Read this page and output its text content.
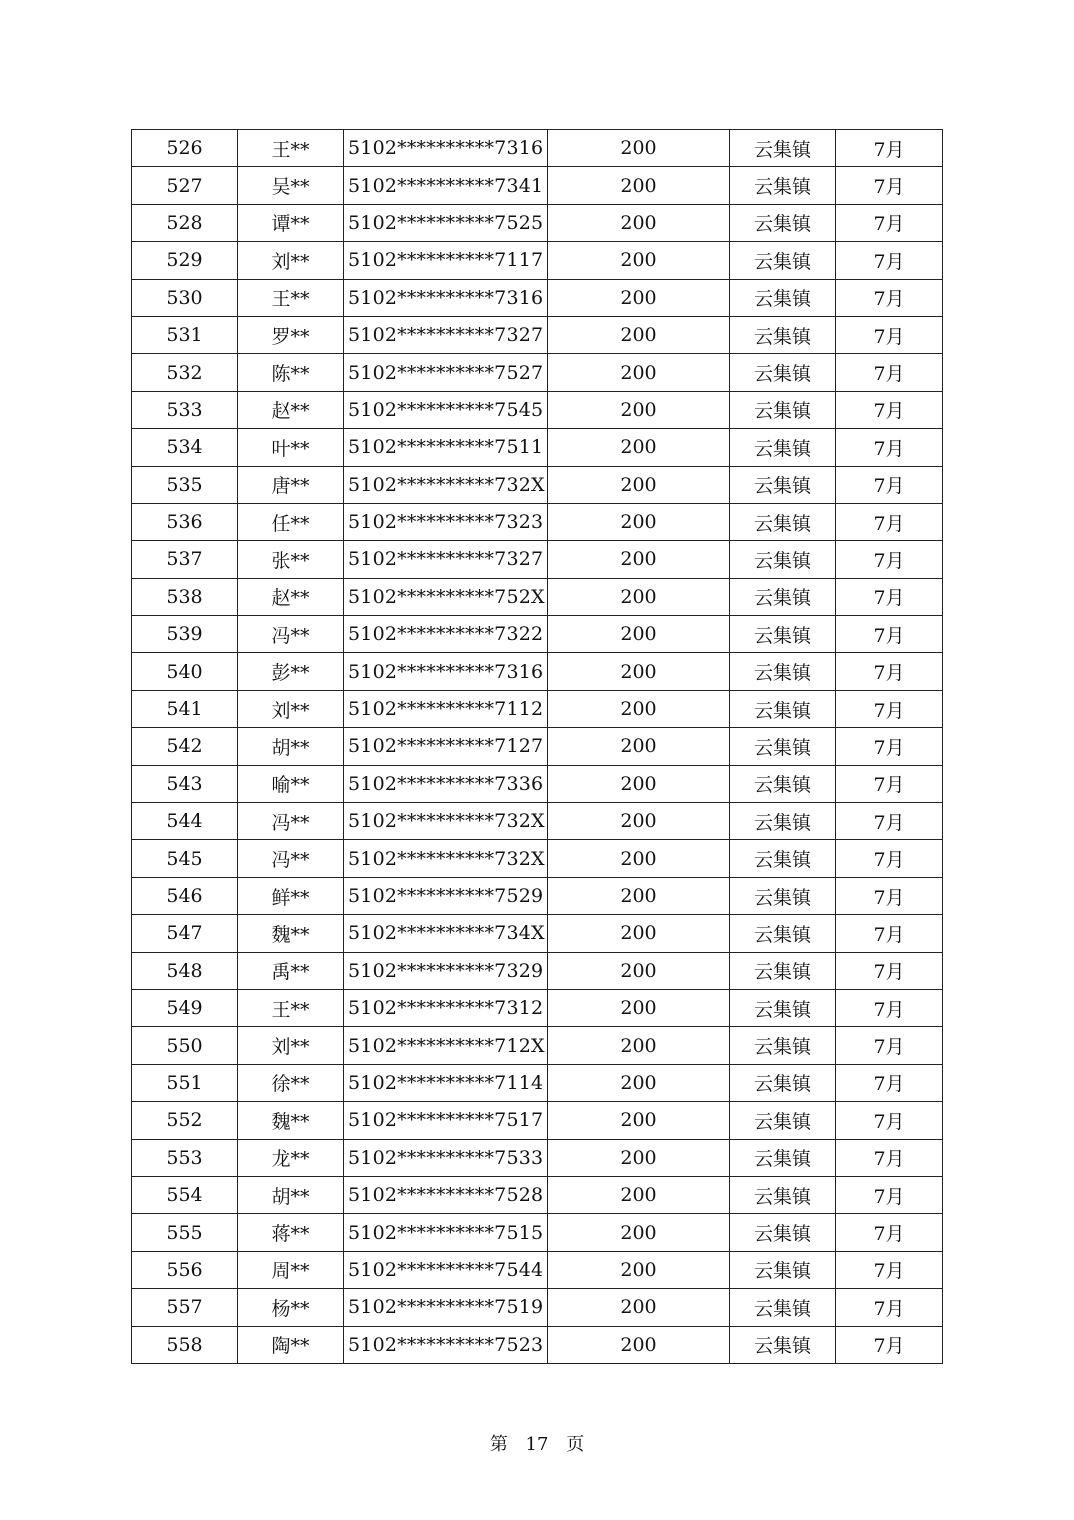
526	王**	5102**********7316	200	云集镇	7月
527	吴**	5102**********7341	200	云集镇	7月
528	谭**	5102**********7525	200	云集镇	7月
529	刘**	5102**********7117	200	云集镇	7月
530	王**	5102**********7316	200	云集镇	7月
531	罗**	5102**********7327	200	云集镇	7月
532	陈**	5102**********7527	200	云集镇	7月
533	赵**	5102**********7545	200	云集镇	7月
534	叶**	5102**********7511	200	云集镇	7月
535	唐**	5102**********732X	200	云集镇	7月
536	任**	5102**********7323	200	云集镇	7月
537	张**	5102**********7327	200	云集镇	7月
538	赵**	5102**********752X	200	云集镇	7月
539	冯**	5102**********7322	200	云集镇	7月
540	彭**	5102**********7316	200	云集镇	7月
541	刘**	5102**********7112	200	云集镇	7月
542	胡**	5102**********7127	200	云集镇	7月
543	喻**	5102**********7336	200	云集镇	7月
544	冯**	5102**********732X	200	云集镇	7月
545	冯**	5102**********732X	200	云集镇	7月
546	鲜**	5102**********7529	200	云集镇	7月
547	魏**	5102**********734X	200	云集镇	7月
548	禹**	5102**********7329	200	云集镇	7月
549	王**	5102**********7312	200	云集镇	7月
550	刘**	5102**********712X	200	云集镇	7月
551	徐**	5102**********7114	200	云集镇	7月
552	魏**	5102**********7517	200	云集镇	7月
553	龙**	5102**********7533	200	云集镇	7月
554	胡**	5102**********7528	200	云集镇	7月
555	蒋**	5102**********7515	200	云集镇	7月
556	周**	5102**********7544	200	云集镇	7月
557	杨**	5102**********7519	200	云集镇	7月
558	陶**	5102**********7523	200	云集镇	7月
第 17 页
